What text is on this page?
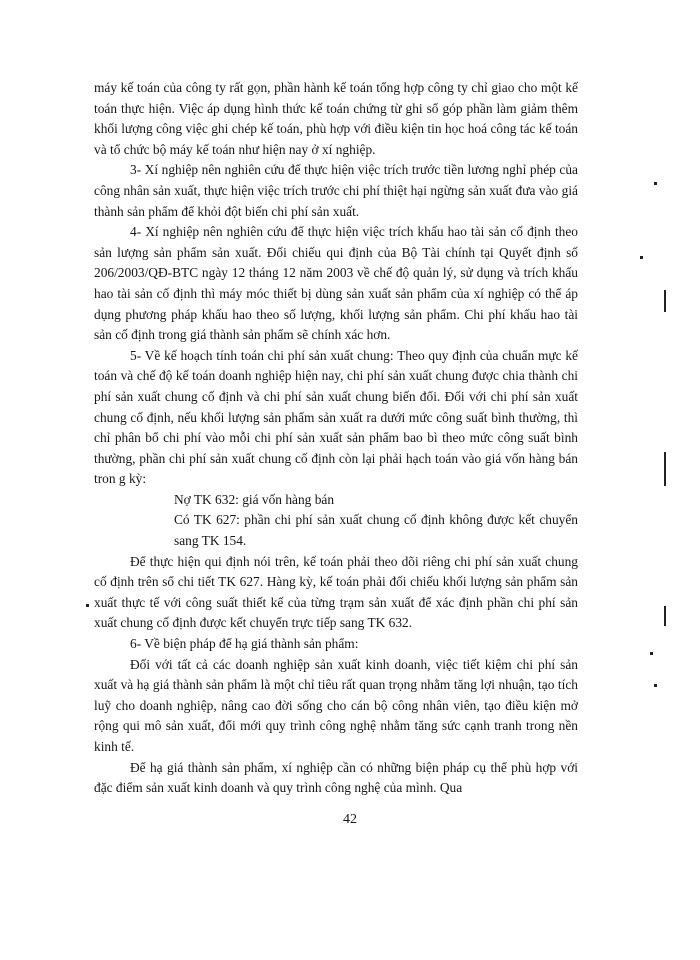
máy kế toán của công ty rất gọn, phần hành kế toán tổng hợp công ty chỉ giao cho một kế toán thực hiện. Việc áp dụng hình thức kế toán chứng từ ghi sổ góp phần làm giảm thêm khối lượng công việc ghi chép kế toán, phù hợp với điều kiện tin học hoá công tác kế toán và tổ chức bộ máy kế toán như hiện nay ở xí nghiệp.

3- Xí nghiệp nên nghiên cứu để thực hiện việc trích trước tiền lương nghỉ phép của công nhân sản xuất, thực hiện việc trích trước chi phí thiệt hại ngừng sản xuất đưa vào giá thành sản phẩm để khỏi đột biến chi phí sản xuất.

4- Xí nghiệp nên nghiên cứu để thực hiện việc trích khấu hao tài sản cố định theo sản lượng sản phẩm sản xuất. Đối chiếu qui định của Bộ Tài chính tại Quyết định số 206/2003/QĐ-BTC ngày 12 tháng 12 năm 2003 về chế độ quản lý, sử dụng và trích khấu hao tài sản cố định thì máy móc thiết bị dùng sản xuất sản phẩm của xí nghiệp có thể áp dụng phương pháp khấu hao theo số lượng, khối lượng sản phẩm. Chi phí khấu hao tài sản cố định trong giá thành sản phẩm sẽ chính xác hơn.

5- Về kế hoạch tính toán chi phí sản xuất chung: Theo quy định của chuẩn mực kế toán và chế độ kế toán doanh nghiệp hiện nay, chi phí sản xuất chung được chia thành chi phí sản xuất chung cố định và chi phí sản xuất chung biến đổi. Đối với chi phí sản xuất chung cố định, nếu khối lượng sản phẩm sản xuất ra dưới mức công suất bình thường, thì chỉ phân bổ chi phí vào mỗi chi phí sản xuất sản phẩm bao bì theo mức công suất bình thường, phần chi phí sản xuất chung cố định còn lại phải hạch toán vào giá vốn hàng bán tron g kỳ:

Nợ TK 632: giá vốn hàng bán

Có TK 627: phần chi phí sản xuất chung cố định không được kết chuyển sang TK 154.

Để thực hiện qui định nói trên, kế toán phải theo dõi riêng chi phí sản xuất chung cố định trên sổ chi tiết TK 627. Hàng kỳ, kế toán phải đối chiếu khối lượng sản phẩm sản xuất thực tế với công suất thiết kế của từng trạm sản xuất để xác định phần chi phí sản xuất chung cố định được kết chuyển trực tiếp sang TK 632.

6- Về biện pháp để hạ giá thành sản phẩm:

Đối với tất cả các doanh nghiệp sản xuất kinh doanh, việc tiết kiệm chi phí sản xuất và hạ giá thành sản phẩm là một chỉ tiêu rất quan trọng nhằm tăng lợi nhuận, tạo tích luỹ cho doanh nghiệp, nâng cao đời sống cho cán bộ công nhân viên, tạo điều kiện mở rộng qui mô sản xuất, đổi mới quy trình công nghệ nhằm tăng sức cạnh tranh trong nền kinh tế.

Để hạ giá thành sản phẩm, xí nghiệp cần có những biện pháp cụ thể phù hợp với đặc điểm sản xuất kinh doanh và quy trình công nghệ của mình. Qua

42
